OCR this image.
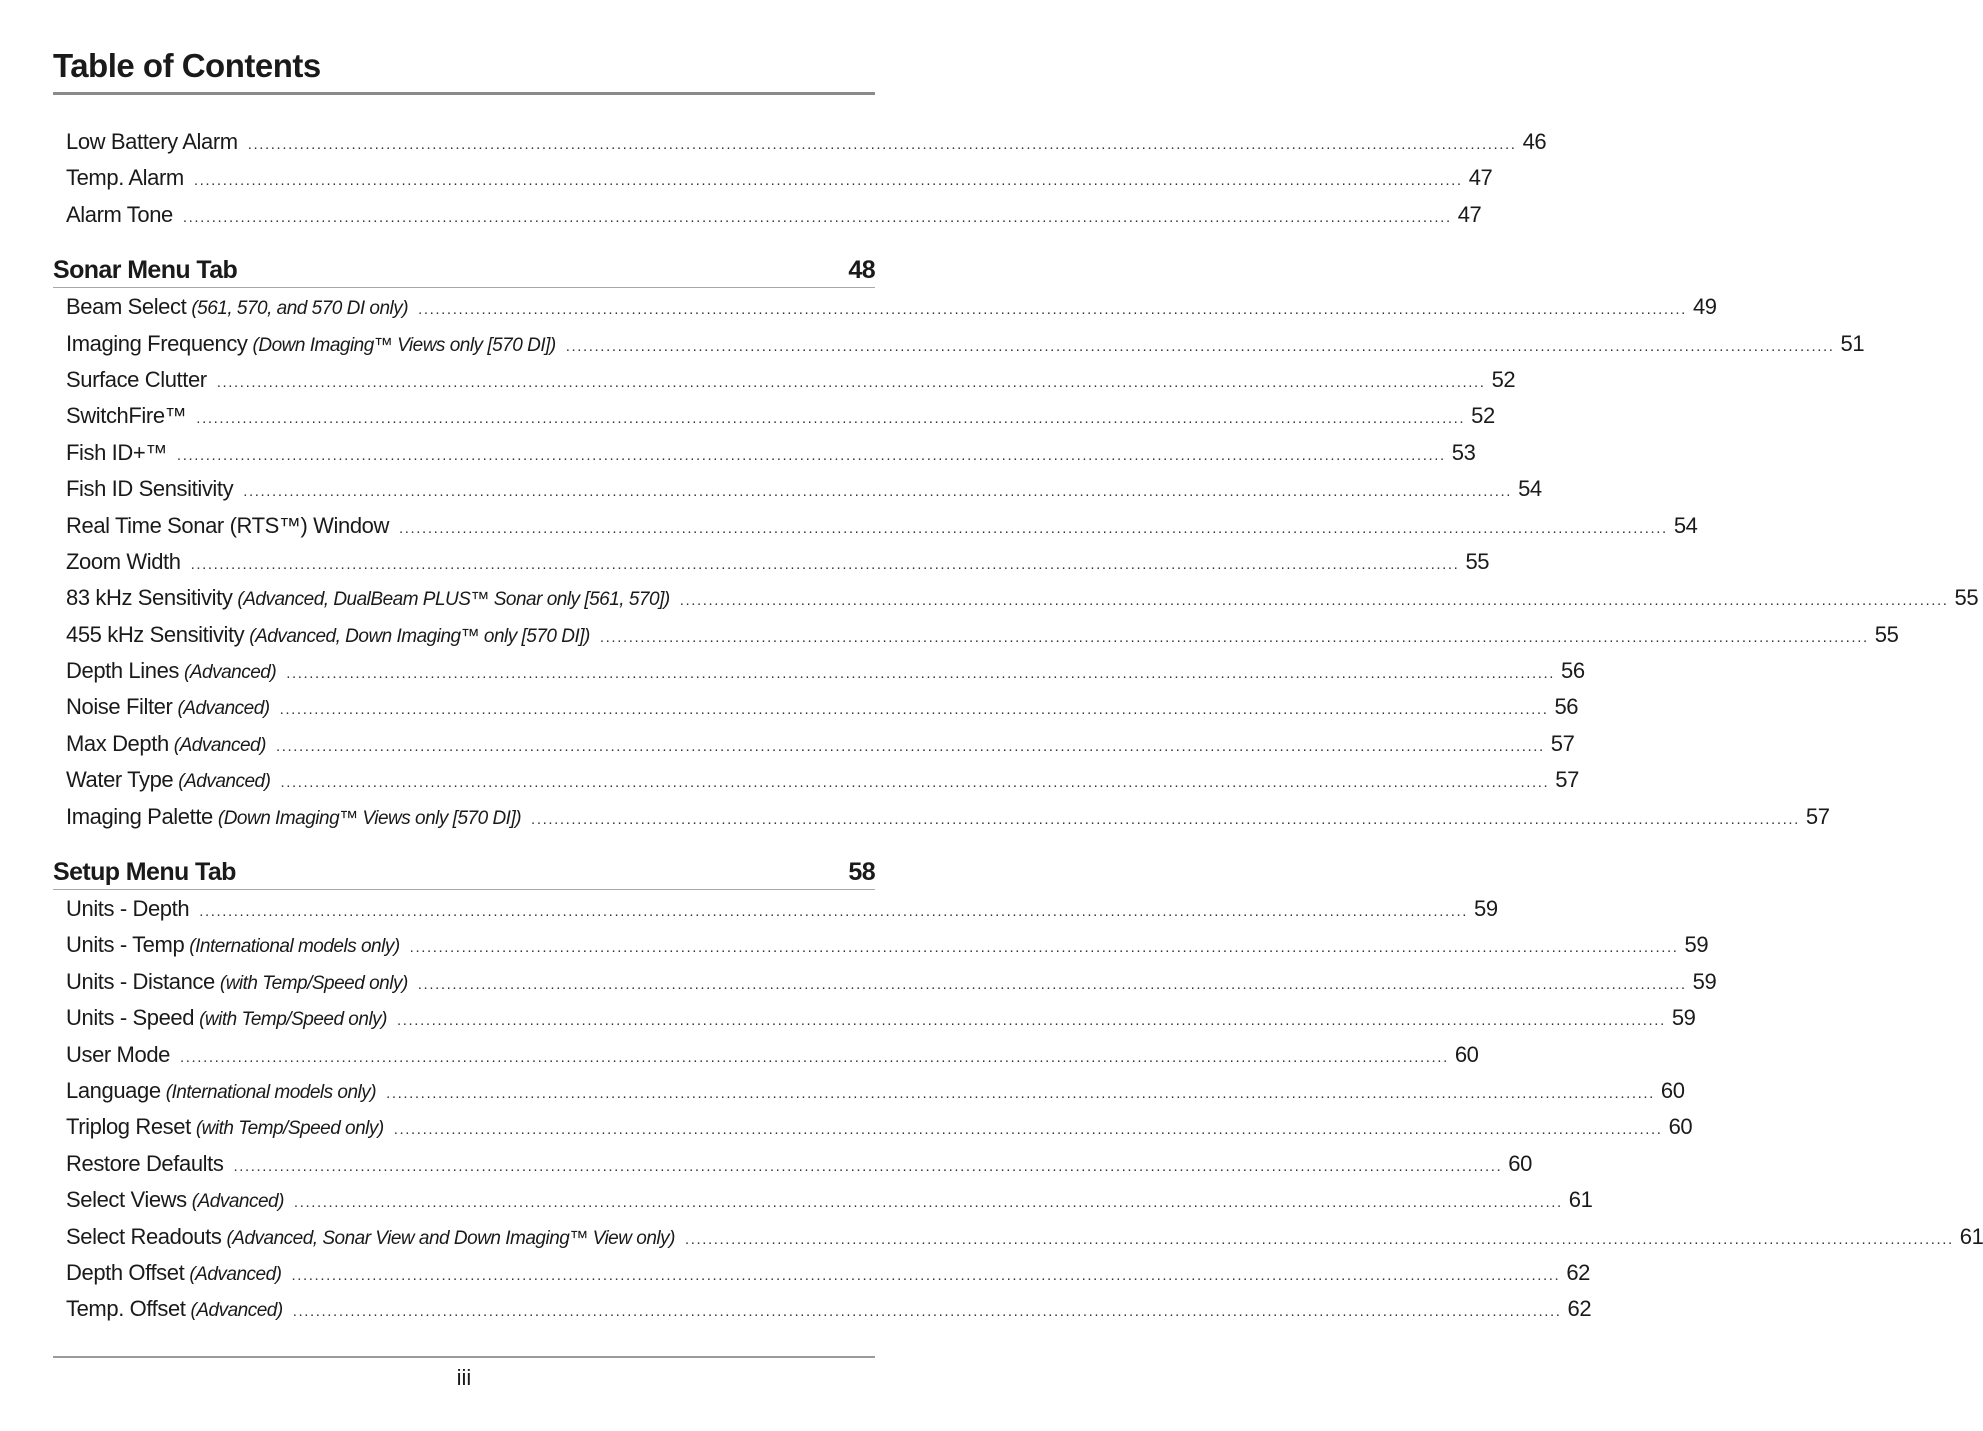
Table of Contents
Low Battery Alarm ............................................................................................................................................................................................................................ 46
Temp. Alarm ............................................................................................................................................................................................................................ 47
Alarm Tone ............................................................................................................................................................................................................................ 47
Sonar Menu Tab	48
Beam Select (561, 570, and 570 DI only) ............................................................................................................................................................................................................................ 49
Imaging Frequency (Down Imaging™ Views only [570 DI]) ............................................................................................................................................................................................................................ 51
Surface Clutter ............................................................................................................................................................................................................................ 52
SwitchFire™ ............................................................................................................................................................................................................................ 52
Fish ID+™ ............................................................................................................................................................................................................................ 53
Fish ID Sensitivity ............................................................................................................................................................................................................................ 54
Real Time Sonar (RTS™) Window ............................................................................................................................................................................................................................ 54
Zoom Width ............................................................................................................................................................................................................................ 55
83 kHz Sensitivity (Advanced, DualBeam PLUS™ Sonar only [561, 570]) ............................................................................................................................................................................................................................ 55
455 kHz Sensitivity (Advanced, Down Imaging™ only [570 DI]) ............................................................................................................................................................................................................................ 55
Depth Lines (Advanced) ............................................................................................................................................................................................................................ 56
Noise Filter (Advanced) ............................................................................................................................................................................................................................ 56
Max Depth (Advanced) ............................................................................................................................................................................................................................ 57
Water Type (Advanced) ............................................................................................................................................................................................................................ 57
Imaging Palette (Down Imaging™ Views only [570 DI]) ............................................................................................................................................................................................................................ 57
Setup Menu Tab	58
Units - Depth ............................................................................................................................................................................................................................ 59
Units - Temp (International models only) ............................................................................................................................................................................................................................ 59
Units - Distance (with Temp/Speed only) ............................................................................................................................................................................................................................ 59
Units - Speed (with Temp/Speed only) ............................................................................................................................................................................................................................ 59
User Mode ............................................................................................................................................................................................................................ 60
Language (International models only) ............................................................................................................................................................................................................................ 60
Triplog Reset (with Temp/Speed only) ............................................................................................................................................................................................................................ 60
Restore Defaults ............................................................................................................................................................................................................................ 60
Select Views (Advanced) ............................................................................................................................................................................................................................ 61
Select Readouts (Advanced, Sonar View and Down Imaging™ View only) ............................................................................................................................................................................................................................ 61
Depth Offset (Advanced) ............................................................................................................................................................................................................................ 62
Temp. Offset (Advanced) ............................................................................................................................................................................................................................ 62
iii
